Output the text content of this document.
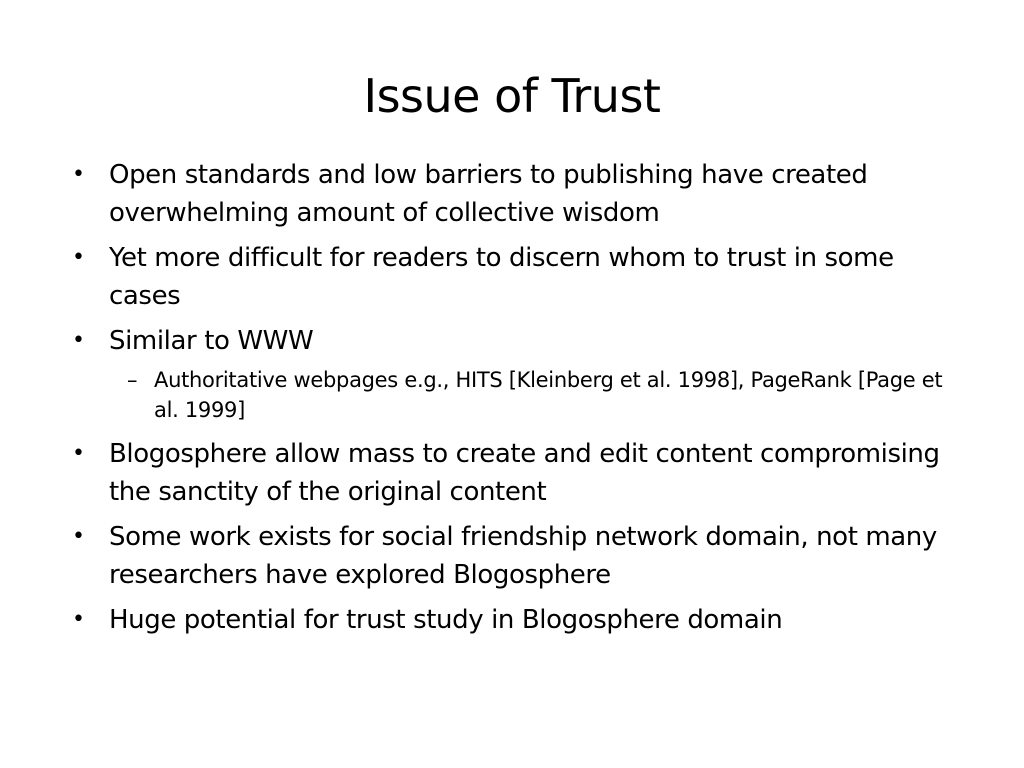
Issue of Trust
• Open standards and low barriers to publishing have created overwhelming amount of collective wisdom
• Yet more difficult for readers to discern whom to trust in some cases
• Similar to WWW
– Authoritative webpages e.g., HITS [Kleinberg et al. 1998], PageRank [Page et al. 1999]
• Blogosphere allow mass to create and edit content compromising the sanctity of the original content
• Some work exists for social friendship network domain, not many researchers have explored Blogosphere
• Huge potential for trust study in Blogosphere domain
